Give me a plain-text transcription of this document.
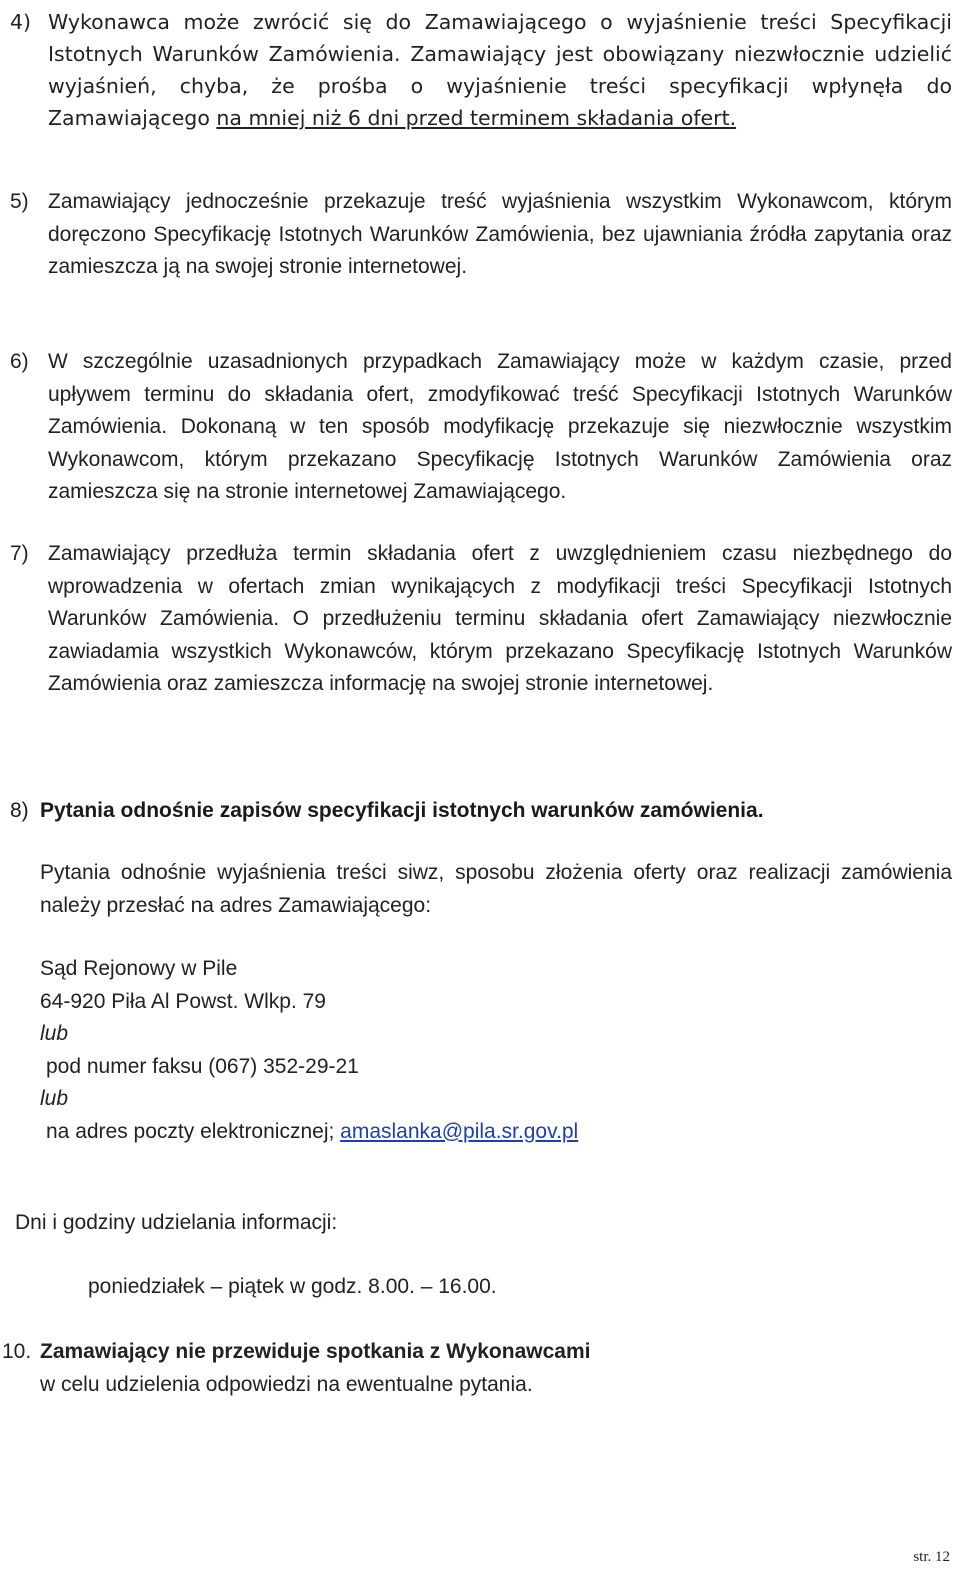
4) Wykonawca może zwrócić się do Zamawiającego o wyjaśnienie treści Specyfikacji Istotnych Warunków Zamówienia. Zamawiający jest obowiązany niezwłocznie udzielić wyjaśnień, chyba, że prośba o wyjaśnienie treści specyfikacji wpłynęła do Zamawiającego na mniej niż 6 dni przed terminem składania ofert.
5) Zamawiający jednocześnie przekazuje treść wyjaśnienia wszystkim Wykonawcom, którym doręczono Specyfikację Istotnych Warunków Zamówienia, bez ujawniania źródła zapytania oraz zamieszcza ją na swojej stronie internetowej.
6) W szczególnie uzasadnionych przypadkach Zamawiający może w każdym czasie, przed upływem terminu do składania ofert, zmodyfikować treść Specyfikacji Istotnych Warunków Zamówienia. Dokonaną w ten sposób modyfikację przekazuje się niezwłocznie wszystkim Wykonawcom, którym przekazano Specyfikację Istotnych Warunków Zamówienia oraz zamieszcza się na stronie internetowej Zamawiającego.
7) Zamawiający przedłuża termin składania ofert z uwzględnieniem czasu niezbędnego do wprowadzenia w ofertach zmian wynikających z modyfikacji treści Specyfikacji Istotnych Warunków Zamówienia. O przedłużeniu terminu składania ofert Zamawiający niezwłocznie zawiadamia wszystkich Wykonawców, którym przekazano Specyfikację Istotnych Warunków Zamówienia oraz zamieszcza informację na swojej stronie internetowej.
8) Pytania odnośnie zapisów specyfikacji istotnych warunków zamówienia.
Pytania odnośnie wyjaśnienia treści siwz, sposobu złożenia oferty oraz realizacji zamówienia należy przesłać na adres Zamawiającego:
Sąd Rejonowy w Pile
64-920 Piła Al Powst. Wlkp. 79
lub
pod numer faksu (067) 352-29-21
lub
na adres poczty elektronicznej; amaslanka@pila.sr.gov.pl
Dni i godziny udzielania informacji:
poniedziałek – piątek w godz. 8.00. – 16.00.
10. Zamawiający nie przewiduje spotkania z Wykonawcami
w celu udzielenia odpowiedzi na ewentualne pytania.
str. 12
